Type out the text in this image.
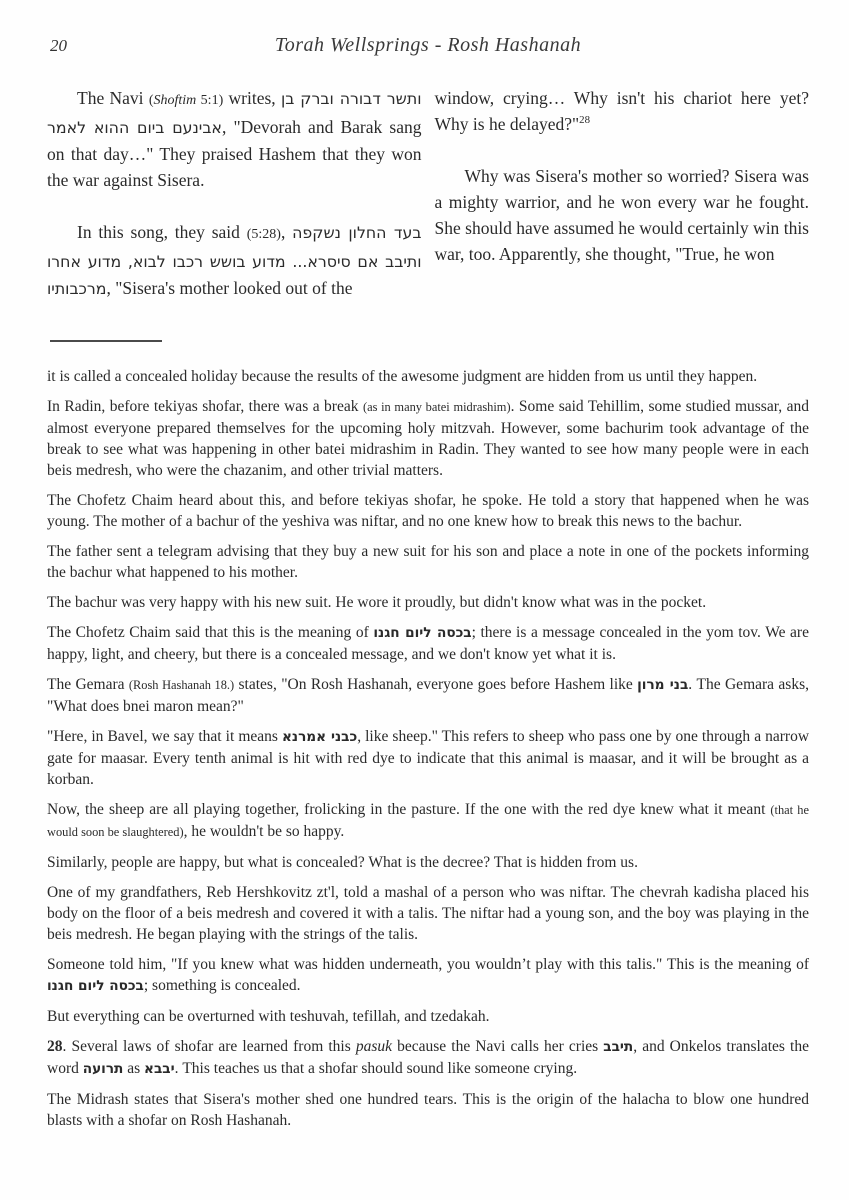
20	Torah Wellsprings - Rosh Hashanah

The Navi (Shoftim 5:1) writes, ותשר דבורה וברק בן אבינעם ביום ההוא לאמר, "Devorah and Barak sang on that day…" They praised Hashem that they won the war against Sisera.

In this song, they said (5:28), בעד החלון נשקפה ותיבב אם סיסרא... מדוע בושש רכבו לבוא, מדוע אחרו מרכבותיו, "Sisera's mother looked out of the

window, crying… Why isn't his chariot here yet? Why is he delayed?"$^{28}$

Why was Sisera's mother so worried? Sisera was a mighty warrior, and he won every war he fought. She should have assumed he would certainly win this war, too. Apparently, she thought, "True, he won

it is called a concealed holiday because the results of the awesome judgment are hidden from us until they happen.

In Radin, before tekiyas shofar, there was a break (as in many batei midrashim). Some said Tehillim, some studied mussar, and almost everyone prepared themselves for the upcoming holy mitzvah. However, some bachurim took advantage of the break to see what was happening in other batei midrashim in Radin. They wanted to see how many people were in each beis medresh, who were the chazanim, and other trivial matters.

The Chofetz Chaim heard about this, and before tekiyas shofar, he spoke. He told a story that happened when he was young. The mother of a bachur of the yeshiva was niftar, and no one knew how to break this news to the bachur.

The father sent a telegram advising that they buy a new suit for his son and place a note in one of the pockets informing the bachur what happened to his mother.

The bachur was very happy with his new suit. He wore it proudly, but didn't know what was in the pocket.

The Chofetz Chaim said that this is the meaning of בכסה ליום חגנו; there is a message concealed in the yom tov. We are happy, light, and cheery, but there is a concealed message, and we don't know yet what it is.

The Gemara (Rosh Hashanah 18.) states, "On Rosh Hashanah, everyone goes before Hashem like בני מרון. The Gemara asks, "What does bnei maron mean?"

"Here, in Bavel, we say that it means כבני אמרנא, like sheep." This refers to sheep who pass one by one through a narrow gate for maasar. Every tenth animal is hit with red dye to indicate that this animal is maasar, and it will be brought as a korban.

Now, the sheep are all playing together, frolicking in the pasture. If the one with the red dye knew what it meant (that he would soon be slaughtered), he wouldn't be so happy.

Similarly, people are happy, but what is concealed? What is the decree? That is hidden from us.

One of my grandfathers, Reb Hershkovitz zt'l, told a mashal of a person who was niftar. The chevrah kadisha placed his body on the floor of a beis medresh and covered it with a talis. The niftar had a young son, and the boy was playing in the beis medresh. He began playing with the strings of the talis.

Someone told him, "If you knew what was hidden underneath, you wouldn’t play with this talis." This is the meaning of בכסה ליום חגנו; something is concealed.

But everything can be overturned with teshuvah, tefillah, and tzedakah.

28. Several laws of shofar are learned from this pasuk because the Navi calls her cries תיבב, and Onkelos translates the word תרועה as יבבא. This teaches us that a shofar should sound like someone crying.

The Midrash states that Sisera's mother shed one hundred tears. This is the origin of the halacha to blow one hundred blasts with a shofar on Rosh Hashanah.
